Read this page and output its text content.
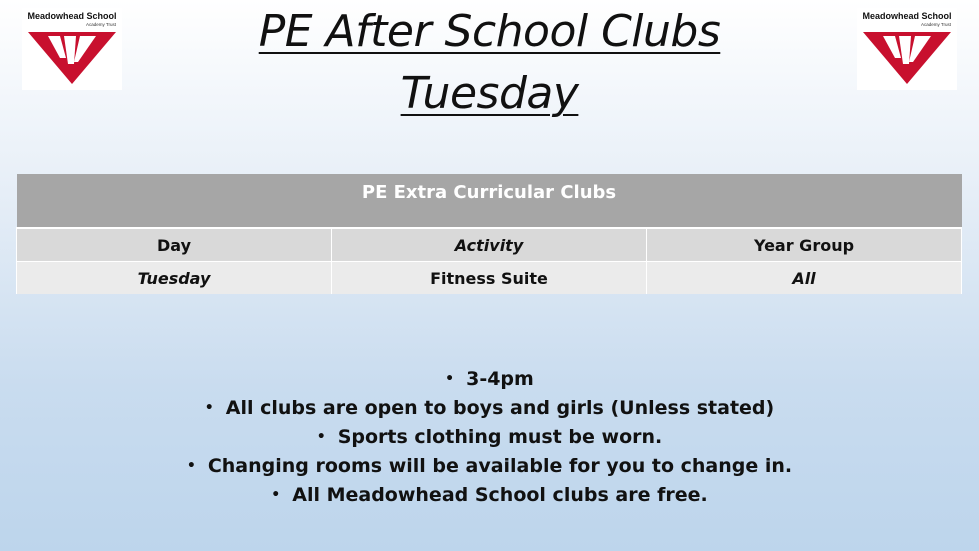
Meadowhead School
Academy Trust
Meadowhead School
Academy Trust
PE After School Clubs
Tuesday
PE Extra Curricular Clubs		
Day	Activity	Year Group
Tuesday	Fitness Suite	All
• 3-4pm
• All clubs are open to boys and girls (Unless stated)
• Sports clothing must be worn.
• Changing rooms will be available for you to change in.
• All Meadowhead School clubs are free.
